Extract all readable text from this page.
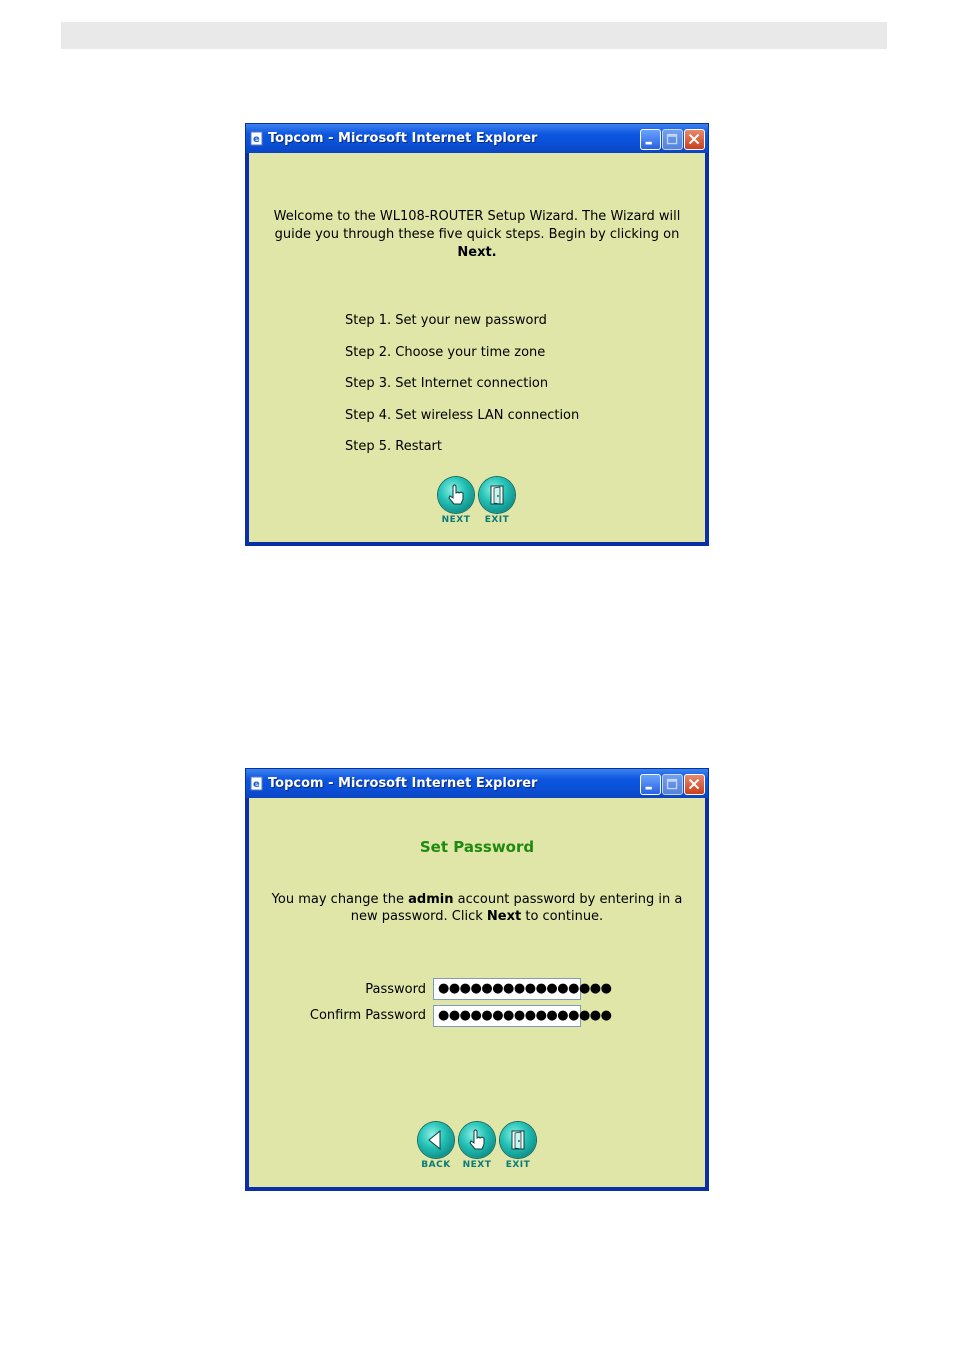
e Topcom - Microsoft Internet Explorer
Welcome to the WL108-ROUTER Setup Wizard. The Wizard will guide you through these five quick steps. Begin by clicking on
Next.
Step 1. Set your new password
Step 2. Choose your time zone
Step 3. Set Internet connection
Step 4. Set wireless LAN connection
Step 5. Restart
NEXT	EXIT
e Topcom - Microsoft Internet Explorer
Set Password
You may change the admin account password by entering in a new password. Click Next to continue.
Password ●●●●●●●●●●●●●●●●
Confirm Password ●●●●●●●●●●●●●●●●
BACK	NEXT	EXIT
